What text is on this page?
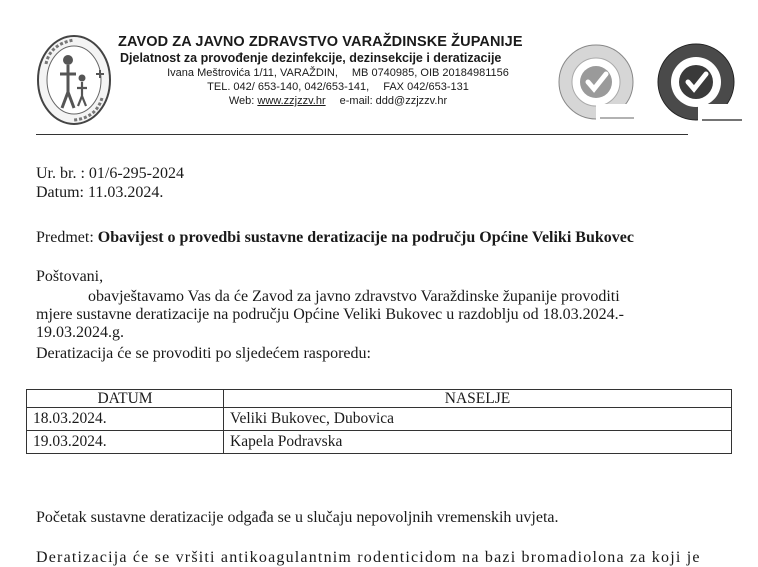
ZAVOD ZA JAVNO ZDRAVSTVO VARAŽDINSKE ŽUPANIJE
Djelatnost za provođenje dezinfekcije, dezinsekcije i deratizacije
Ivana Meštrovića 1/11, VARAŽDIN, MB 0740985, OIB 20184981156
TEL. 042/ 653-140, 042/653-141, FAX 042/653-131
Web: www.zzjzzv.hr e-mail: ddd@zzjzzv.hr
Ur. br. : 01/6-295-2024
Datum: 11.03.2024.
Predmet: Obavijest o provedbi sustavne deratizacije na području Općine Veliki Bukovec
Poštovani,
obavještavamo Vas da će Zavod za javno zdravstvo Varaždinske županije provoditi
mjere sustavne deratizacije na području Općine Veliki Bukovec u razdoblju od 18.03.2024.-
19.03.2024.g.
Deratizacija će se provoditi po sljedećem rasporedu:
DATUM	NASELJE
18.03.2024.	Veliki Bukovec, Dubovica
19.03.2024.	Kapela Podravska
Početak sustavne deratizacije odgađa se u slučaju nepovoljnih vremenskih uvjeta.
Deratizacija će se vršiti antikoagulantnim rodenticidom na bazi bromadiolona za koji je
